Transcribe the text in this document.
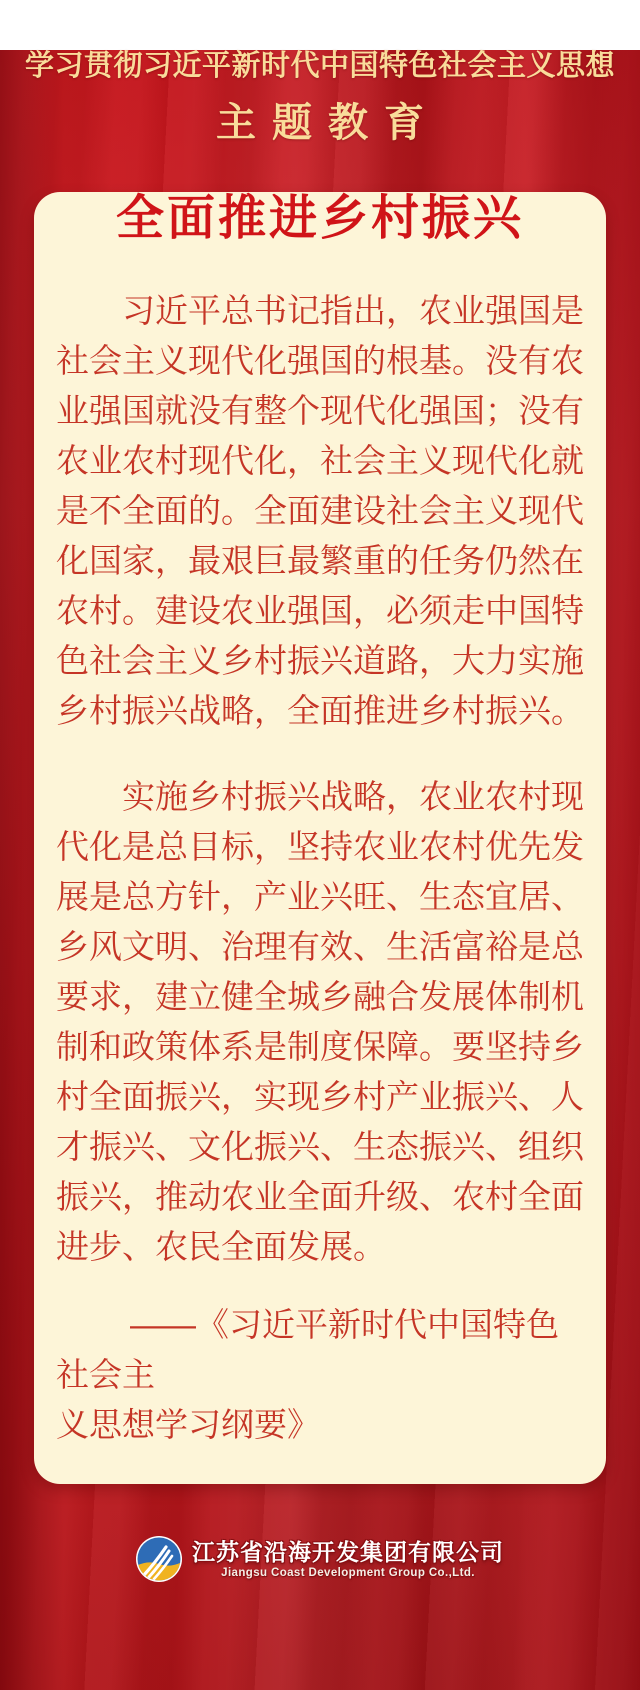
学习贯彻习近平新时代中国特色社会主义思想
主题教育
全面推进乡村振兴

习近平总书记指出，农业强国是社会主义现代化强国的根基。没有农业强国就没有整个现代化强国；没有农业农村现代化，社会主义现代化就是不全面的。全面建设社会主义现代化国家，最艰巨最繁重的任务仍然在农村。建设农业强国，必须走中国特色社会主义乡村振兴道路，大力实施乡村振兴战略，全面推进乡村振兴。

实施乡村振兴战略，农业农村现代化是总目标，坚持农业农村优先发展是总方针，产业兴旺、生态宜居、乡风文明、治理有效、生活富裕是总要求，建立健全城乡融合发展体制机制和政策体系是制度保障。要坚持乡村全面振兴，实现乡村产业振兴、人才振兴、文化振兴、生态振兴、组织振兴，推动农业全面升级、农村全面进步、农民全面发展。

——《习近平新时代中国特色社会主
义思想学习纲要》
江苏省沿海开发集团有限公司
Jiangsu Coast Development Group Co.,Ltd.
